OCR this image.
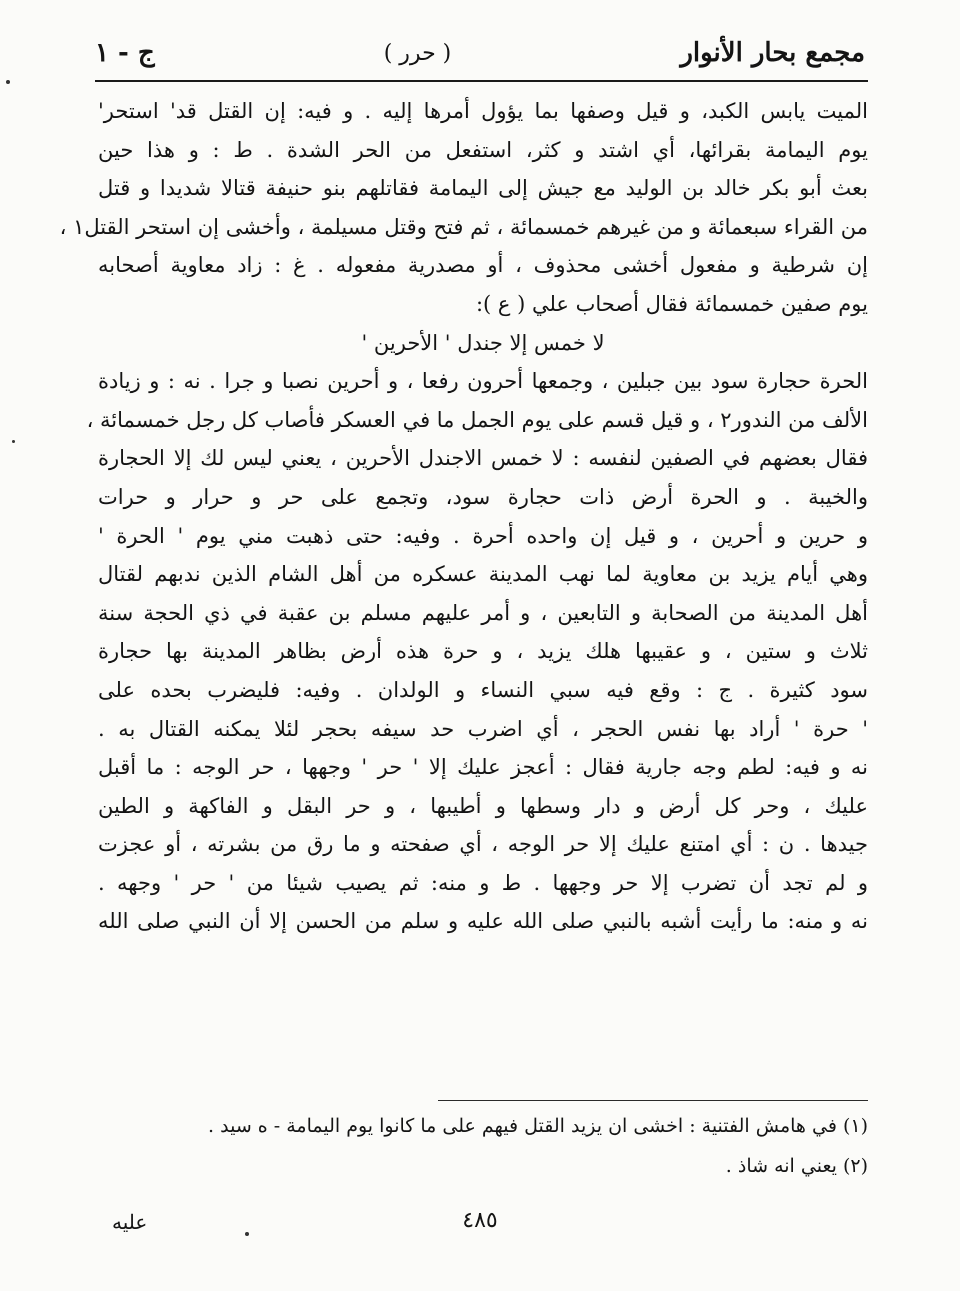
مجمع بحار الأنوار
( حرر )
ج - ١
الميت يابس الكبد، و قيل وصفها بما يؤول أمرها إليه . و فيه: إن القتل قد' استحر'
يوم اليمامة بقرائها، أي اشتد و كثر، استفعل من الحر الشدة . ط : و هذا حين
بعث أبو بكر خالد بن الوليد مع جيش إلى اليمامة فقاتلهم بنو حنيفة قتالا شديدا و قتل
من القراء سبعمائة و من غيرهم خمسمائة ، ثم فتح وقتل مسيلمة ، وأخشى إن استحر القتل١ ،
إن شرطية و مفعول أخشى محذوف ، أو مصدرية مفعوله . غ : زاد معاوية أصحابه
يوم صفين خمسمائة فقال أصحاب علي ( ع ):
لا خمس إلا جندل ' الأحرين '
الحرة حجارة سود بين جبلين ، وجمعها أحرون رفعا ، و أحرين نصبا و جرا . نه : و زيادة
الألف من الندور٢ ، و قيل قسم على يوم الجمل ما في العسكر فأصاب كل رجل خمسمائة ،
فقال بعضهم في الصفين لنفسه : لا خمس الاجندل الأحرين ، يعني ليس لك إلا الحجارة
والخيبة . و الحرة أرض ذات حجارة سود، وتجمع على حر و حرار و حرات
و حرين و أحرين ، و قيل إن واحده أحرة . وفيه: حتى ذهبت مني يوم ' الحرة '
وهي أيام يزيد بن معاوية لما نهب المدينة عسكره من أهل الشام الذين ندبهم لقتال
أهل المدينة من الصحابة و التابعين ، و أمر عليهم مسلم بن عقبة في ذي الحجة سنة
ثلاث و ستين ، و عقيبها هلك يزيد ، و حرة هذه أرض بظاهر المدينة بها حجارة
سود كثيرة . ج : وقع فيه سبي النساء و الولدان . وفيه: فليضرب بحده على
' حرة ' أراد بها نفس الحجر ، أي اضرب حد سيفه بحجر لئلا يمكنه القتال به .
نه و فيه: لطم وجه جارية فقال : أعجز عليك إلا ' حر ' وجهها ، حر الوجه : ما أقبل
عليك ، وحر كل أرض و دار وسطها و أطيبها ، و حر البقل و الفاكهة و الطين
جيدها . ن : أي امتنع عليك إلا حر الوجه ، أي صفحته و ما رق من بشرته ، أو عجزت
و لم تجد أن تضرب إلا حر وجهها . ط و منه: ثم يصيب شيئا من ' حر ' وجهه .
نه و منه: ما رأيت أشبه بالنبي صلى الله عليه و سلم من الحسن إلا أن النبي صلى الله
(١) في هامش الفتنية : اخشى ان يزيد القتل فيهم على ما كانوا يوم اليمامة - ه سيد .
(٢) يعني انه شاذ .
عليه	٤٨٥
